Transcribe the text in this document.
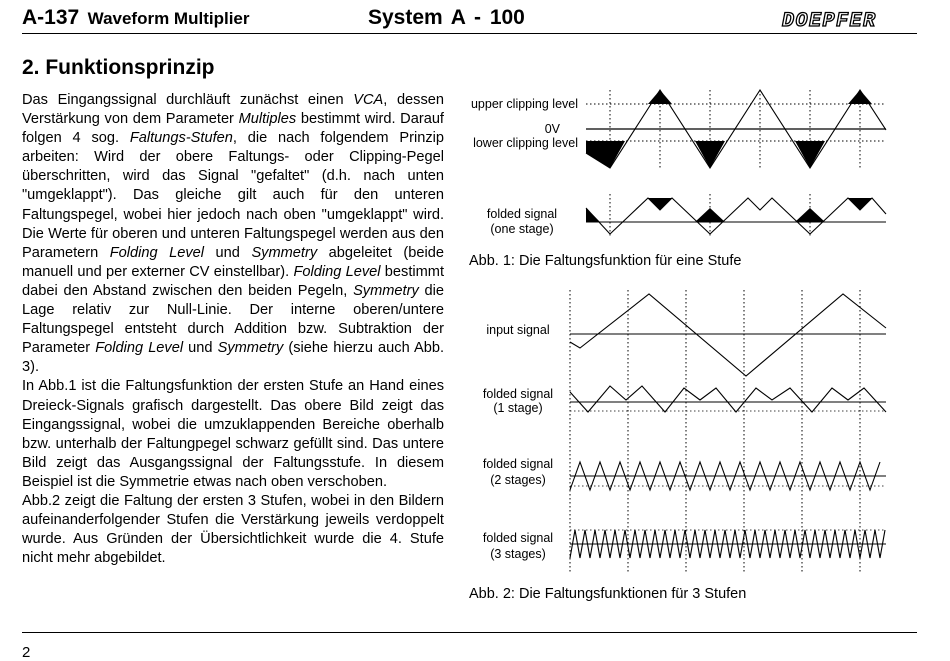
A-137 Waveform Multiplier	System A - 100	DOEPFER
2. Funktionsprinzip

Das Eingangssignal durchläuft zunächst einen VCA, dessen Verstärkung von dem Parameter Multiples bestimmt wird. Darauf folgen 4 sog. Faltungs-Stufen, die nach folgendem Prinzip arbeiten: Wird der obere Faltungs- oder Clipping-Pegel überschritten, wird das Signal "gefaltet" (d.h. nach unten "umgeklappt"). Das gleiche gilt auch für den unteren Faltungspegel, wobei hier jedoch nach oben "umgeklappt" wird. Die Werte für oberen und unteren Faltungspegel werden aus den Parametern Folding Level und Symmetry abgeleitet (beide manuell und per externer CV einstellbar). Folding Level bestimmt dabei den Abstand zwischen den beiden Pegeln, Symmetry die Lage relativ zur Null-Linie. Der interne oberen/untere Faltungspegel entsteht durch Addition bzw. Subtraktion der Parameter Folding Level und Symmetry (siehe hierzu auch Abb. 3).

In Abb.1 ist die Faltungsfunktion der ersten Stufe an Hand eines Dreieck-Signals grafisch dargestellt. Das obere Bild zeigt das Eingangssignal, wobei die umzuklappenden Bereiche oberhalb bzw. unterhalb der Faltungpegel schwarz gefüllt sind. Das untere Bild zeigt das Ausgangssignal der Faltungsstufe. In diesem Beispiel ist die Symmetrie etwas nach oben verschoben.

Abb.2 zeigt die Faltung der ersten 3 Stufen, wobei in den Bildern aufeinanderfolgender Stufen die Verstärkung jeweils verdoppelt wurde. Aus Gründen der Übersichtlichkeit wurde die 4. Stufe nicht mehr abgebildet.

upper clipping level
0V
lower clipping level
folded signal
(one stage)
input signal
folded signal
(1 stage)
folded signal
(2 stages)
folded signal
(3 stages)
Abb. 1: Die Faltungsfunktion für eine Stufe
Abb. 2: Die Faltungsfunktionen für 3 Stufen
2
